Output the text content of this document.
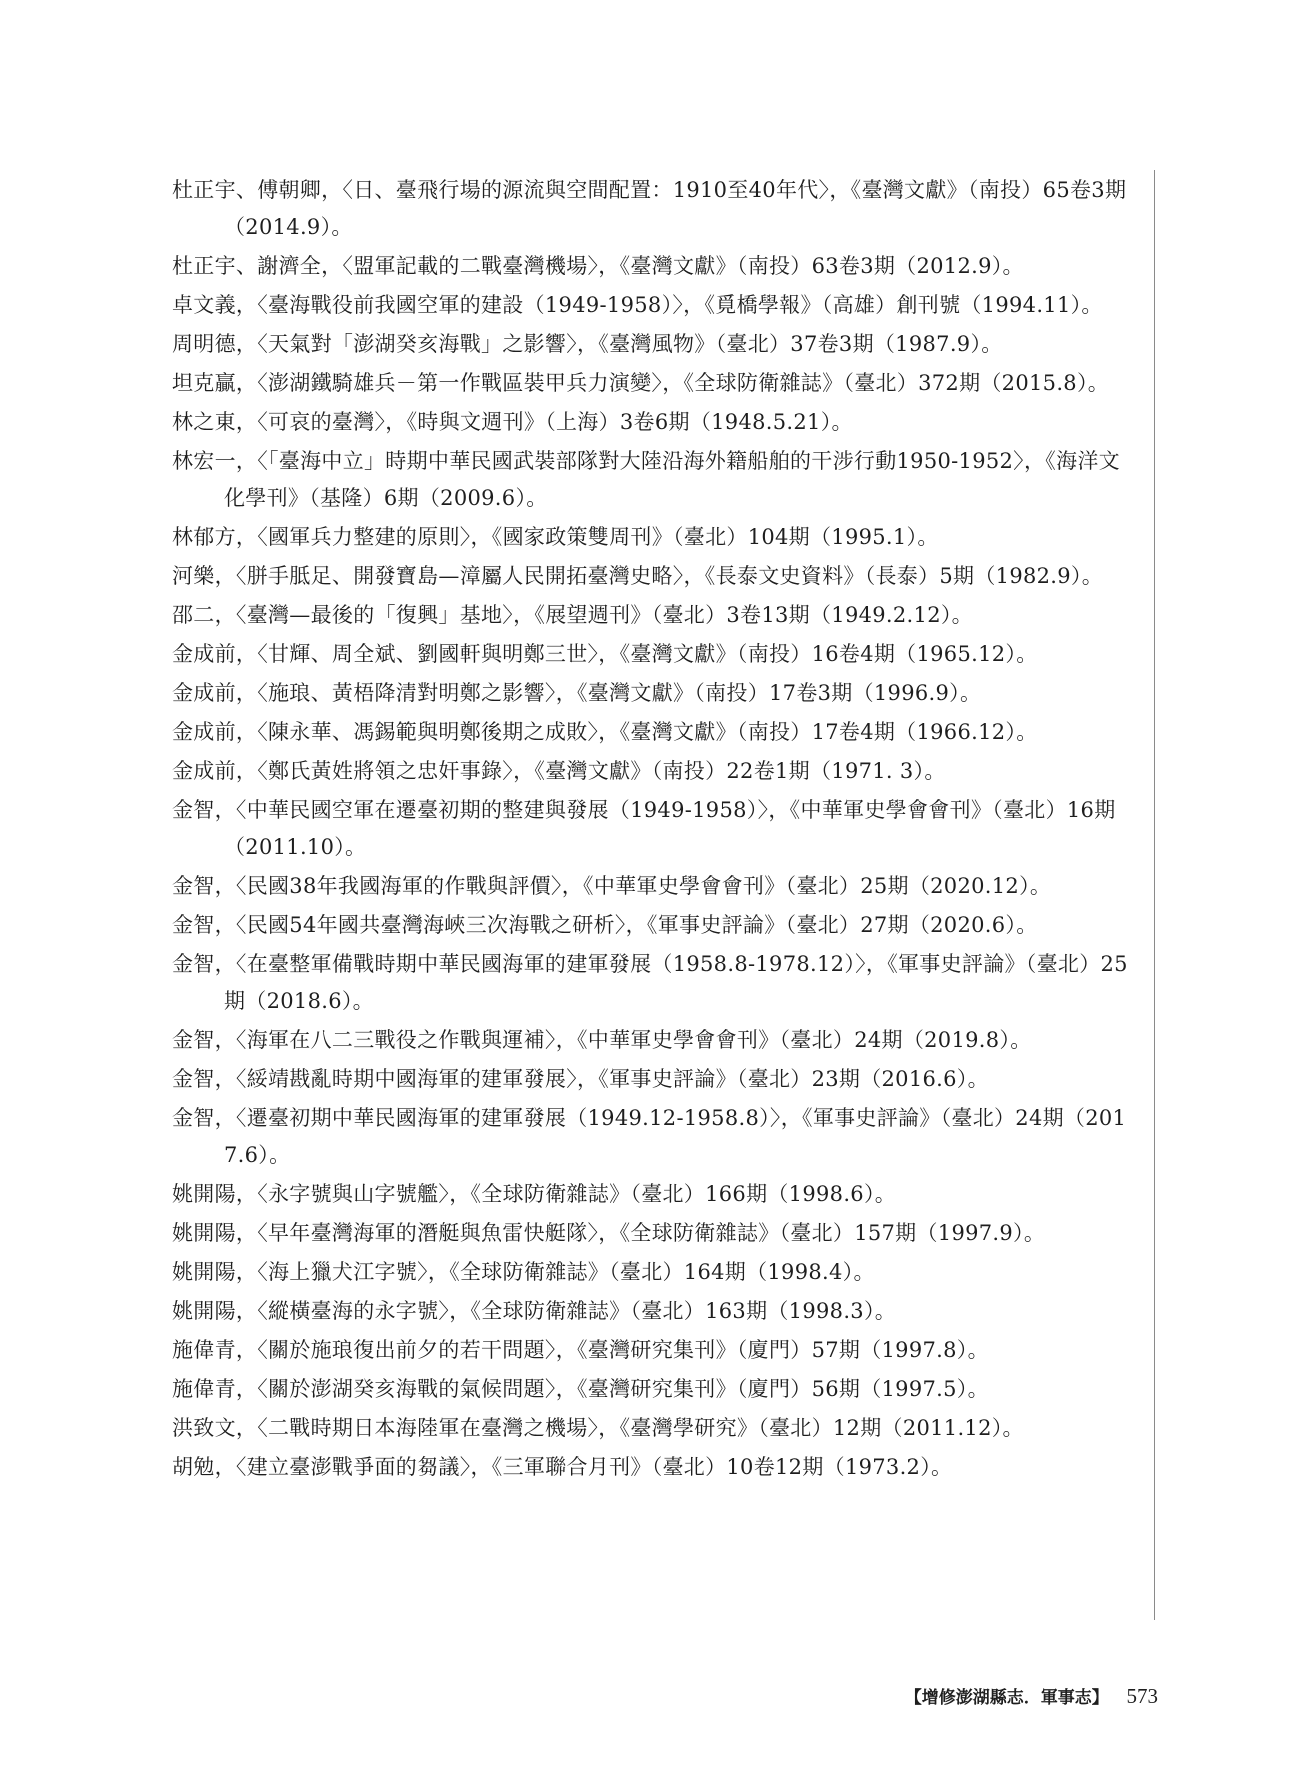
杜正宇、傅朝卿，〈日、臺飛行場的源流與空間配置：1910至40年代〉，《臺灣文獻》（南投）65卷3期（2014.9）。
杜正宇、謝濟全，〈盟軍記載的二戰臺灣機場〉，《臺灣文獻》（南投）63卷3期（2012.9）。
卓文義，〈臺海戰役前我國空軍的建設（1949-1958）〉，《覓橋學報》（高雄）創刊號（1994.11）。
周明德，〈天氣對「澎湖癸亥海戰」之影響〉，《臺灣風物》（臺北）37卷3期（1987.9）。
坦克贏，〈澎湖鐵騎雄兵－第一作戰區裝甲兵力演變〉，《全球防衛雜誌》（臺北）372期（2015.8）。
林之東，〈可哀的臺灣〉，《時與文週刊》（上海）3卷6期（1948.5.21）。
林宏一，〈「臺海中立」時期中華民國武裝部隊對大陸沿海外籍船舶的干涉行動1950-1952〉，《海洋文化學刊》（基隆）6期（2009.6）。
林郁方，〈國軍兵力整建的原則〉，《國家政策雙周刊》（臺北）104期（1995.1）。
河樂，〈胼手胝足、開發寶島—漳屬人民開拓臺灣史略〉，《長泰文史資料》（長泰）5期（1982.9）。
邵二，〈臺灣—最後的「復興」基地〉，《展望週刊》（臺北）3卷13期（1949.2.12）。
金成前，〈甘輝、周全斌、劉國軒與明鄭三世〉，《臺灣文獻》（南投）16卷4期（1965.12）。
金成前，〈施琅、黃梧降清對明鄭之影響〉，《臺灣文獻》（南投）17卷3期（1996.9）。
金成前，〈陳永華、馮錫範與明鄭後期之成敗〉，《臺灣文獻》（南投）17卷4期（1966.12）。
金成前，〈鄭氏黃姓將領之忠奸事錄〉，《臺灣文獻》（南投）22卷1期（1971. 3）。
金智，〈中華民國空軍在遷臺初期的整建與發展（1949-1958）〉，《中華軍史學會會刊》（臺北）16期（2011.10）。
金智，〈民國38年我國海軍的作戰與評價〉，《中華軍史學會會刊》（臺北）25期（2020.12）。
金智，〈民國54年國共臺灣海峽三次海戰之研析〉，《軍事史評論》（臺北）27期（2020.6）。
金智，〈在臺整軍備戰時期中華民國海軍的建軍發展（1958.8-1978.12）〉，《軍事史評論》（臺北）25期（2018.6）。
金智，〈海軍在八二三戰役之作戰與運補〉，《中華軍史學會會刊》（臺北）24期（2019.8）。
金智，〈綏靖戡亂時期中國海軍的建軍發展〉，《軍事史評論》（臺北）23期（2016.6）。
金智，〈遷臺初期中華民國海軍的建軍發展（1949.12-1958.8）〉，《軍事史評論》（臺北）24期（2017.6）。
姚開陽，〈永字號與山字號艦〉，《全球防衛雜誌》（臺北）166期（1998.6）。
姚開陽，〈早年臺灣海軍的潛艇與魚雷快艇隊〉，《全球防衛雜誌》（臺北）157期（1997.9）。
姚開陽，〈海上獵犬江字號〉，《全球防衛雜誌》（臺北）164期（1998.4）。
姚開陽，〈縱橫臺海的永字號〉，《全球防衛雜誌》（臺北）163期（1998.3）。
施偉青，〈關於施琅復出前夕的若干問題〉，《臺灣研究集刊》（廈門）57期（1997.8）。
施偉青，〈關於澎湖癸亥海戰的氣候問題〉，《臺灣研究集刊》（廈門）56期（1997.5）。
洪致文，〈二戰時期日本海陸軍在臺灣之機場〉，《臺灣學研究》（臺北）12期（2011.12）。
胡勉，〈建立臺澎戰爭面的芻議〉，《三軍聯合月刊》（臺北）10卷12期（1973.2）。
【增修澎湖縣志．軍事志】 573
